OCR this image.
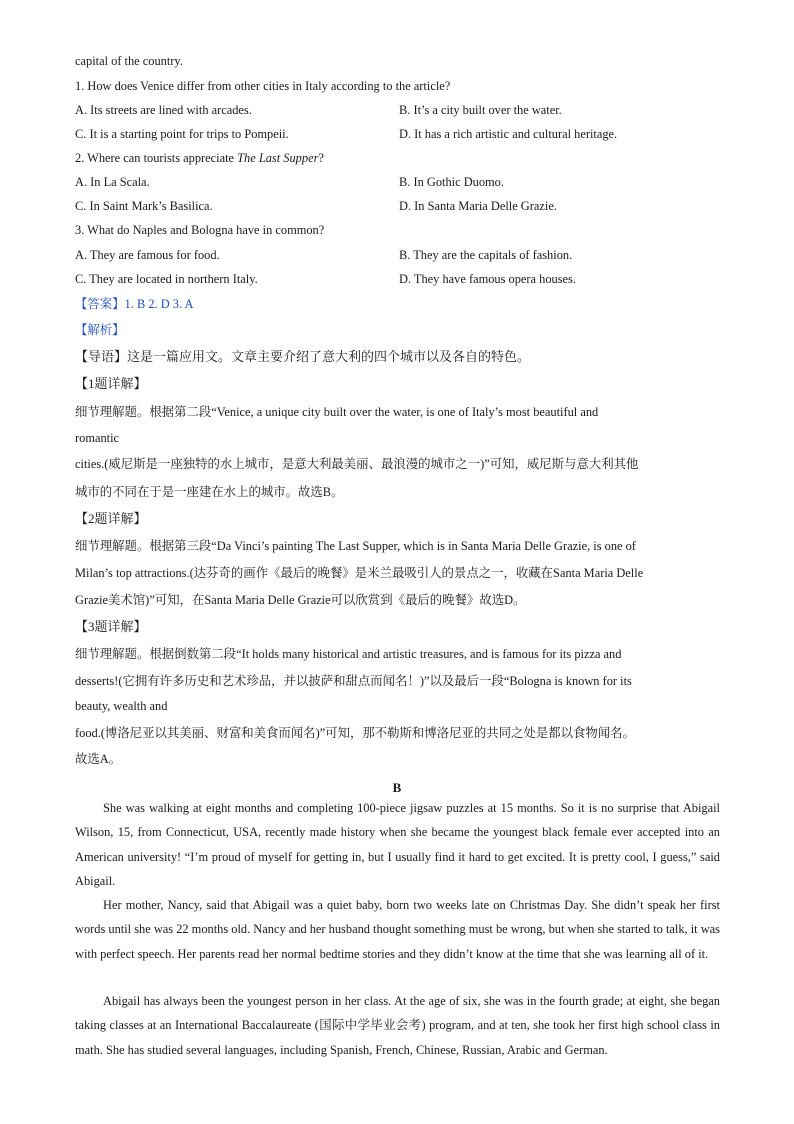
capital of the country.
1. How does Venice differ from other cities in Italy according to the article?
A. Its streets are lined with arcades.	B. It’s a city built over the water.
C. It is a starting point for trips to Pompeii.	D. It has a rich artistic and cultural heritage.
2. Where can tourists appreciate The Last Supper?
A. In La Scala.	B. In Gothic Duomo.
C. In Saint Mark’s Basilica.	D. In Santa Maria Delle Grazie.
3. What do Naples and Bologna have in common?
A. They are famous for food.	B. They are the capitals of fashion.
C. They are located in northern Italy.	D. They have famous opera houses.
【答案】1. B 2. D 3. A
【解析】
【导语】这是一篇应用文。文章主要介绍了意大利的四个城市以及各自的特色。
【1题详解】
细节理解题。根据第二段“Venice, a unique city built over the water, is one of Italy’s most beautiful and
romantic
cities.(威尼斯是一座独特的水上城市，是意大利最美丽、最浪漫的城市之一)”可知，威尼斯与意大利其他
城市的不同在于是一座建在水上的城市。故选B。
【2题详解】
细节理解题。根据第三段“Da Vinci’s painting The Last Supper, which is in Santa Maria Delle Grazie, is one of
Milan’s top attractions.(达芬奇的画作《最后的晚餐》是米兰最吸引人的景点之一，收藏在Santa Maria Delle
Grazie美术馆)”可知，在Santa Maria Delle Grazie可以欣赏到《最后的晚餐》故选D。
【3题详解】
细节理解题。根据倒数第二段“It holds many historical and artistic treasures, and is famous for its pizza and
desserts!(它拥有许多历史和艺术珍品，并以披萨和甜点而闻名！)”以及最后一段“Bologna is known for its
beauty, wealth and
food.(博洛尼亚以其美丽、财富和美食而闻名)”可知，那不勒斯和博洛尼亚的共同之处是都以食物闻名。
故选A。
B
She was walking at eight months and completing 100-piece jigsaw puzzles at 15 months. So it is no surprise that Abigail Wilson, 15, from Connecticut, USA, recently made history when she became the youngest black female ever accepted into an American university! “I’m proud of myself for getting in, but I usually find it hard to get excited. It is pretty cool, I guess,” said Abigail.
Her mother, Nancy, said that Abigail was a quiet baby, born two weeks late on Christmas Day. She didn’t speak her first words until she was 22 months old. Nancy and her husband thought something must be wrong, but when she started to talk, it was with perfect speech. Her parents read her normal bedtime stories and they didn’t know at the time that she was learning all of it.
Abigail has always been the youngest person in her class. At the age of six, she was in the fourth grade; at eight, she began taking classes at an International Baccalaureate (国际中学毕业会考) program, and at ten, she took her first high school class in math. She has studied several languages, including Spanish, French, Chinese, Russian, Arabic and German.
